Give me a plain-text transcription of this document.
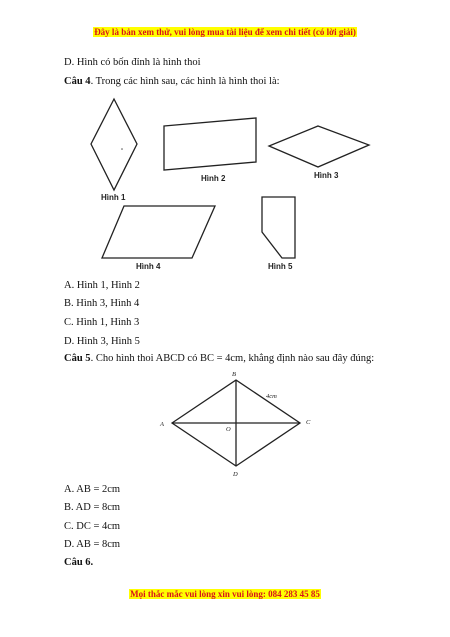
Đây là bản xem thử, vui lòng mua tài liệu để xem chi tiết (có lời giải)
D. Hình có bốn đỉnh là hình thoi
Câu 4. Trong các hình sau, các hình là hình thoi là:
Hình 1
Hình 2	Hình 3
Hình 4	Hình 5
B
A	C
D
O
4cm
A. Hình 1, Hình 2
B. Hình 3, Hình 4
C. Hình 1, Hình 3
D. Hình 3, Hình 5
Câu 5. Cho hình thoi ABCD có BC = 4cm, khẳng định nào sau đây đúng:
A. AB = 2cm
B. AD = 8cm
C. DC = 4cm
D. AB = 8cm
Câu 6.
Mọi thắc mắc vui lòng xin vui lòng: 084 283 45 85
